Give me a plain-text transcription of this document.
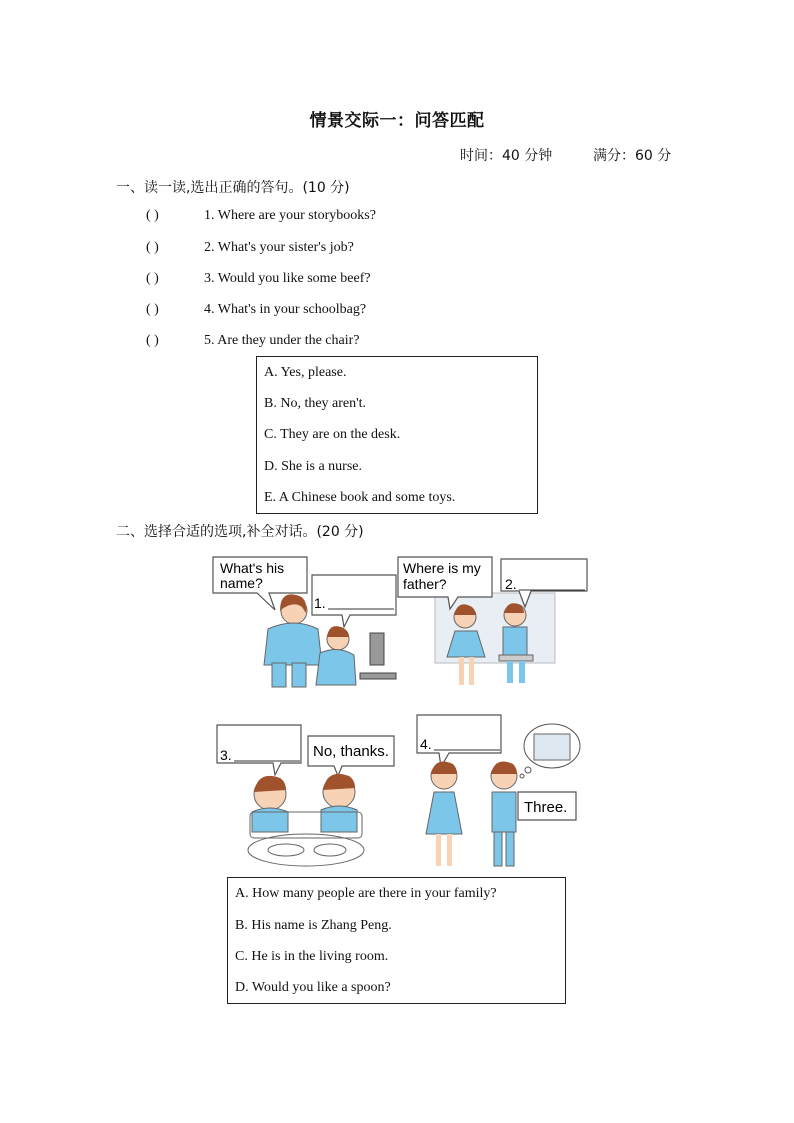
情景交际一：问答匹配
时间：40 分钟	满分：60 分
一、读一读,选出正确的答句。(10 分)
( )	1. Where are your storybooks?
( )	2. What's your sister's job?
( )	3. Would you like some beef?
( )	4. What's in your schoolbag?
( )	5. Are they under the chair?
A. Yes, please.
B. No, they aren't.
C. They are on the desk.
D. She is a nurse.
E. A Chinese book and some toys.
二、选择合适的选项,补全对话。(20 分)
What's his
name?
1.
Where is my
father?	2.
3.	No, thanks. 4.
Three.
A. How many people are there in your family?
B. His name is Zhang Peng.
C. He is in the living room.
D. Would you like a spoon?
